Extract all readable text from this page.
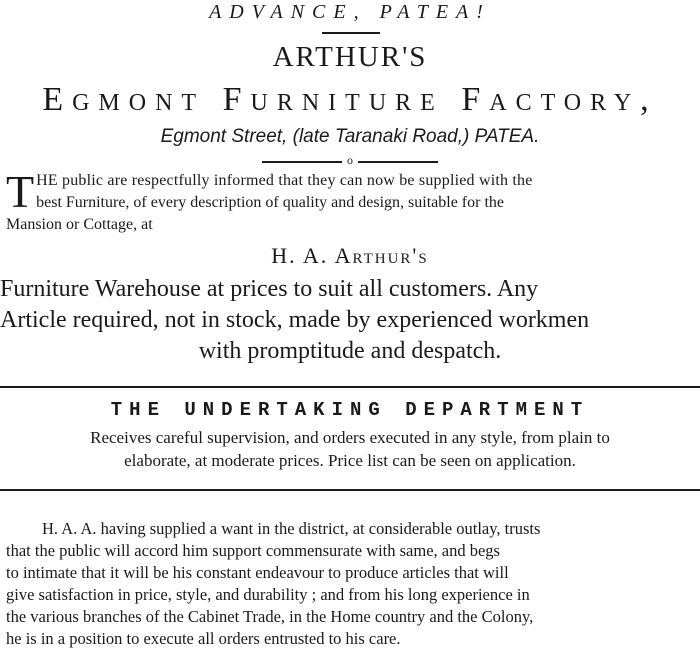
ADVANCE, PATEA!
ARTHUR'S
Egmont Furniture Factory,
Egmont Street, (late Taranaki Road,) PATEA.
o
T HE public are respectfully informed that they can now be supplied with the
best Furniture, of every description of quality and design, suitable for the
Mansion or Cottage, at
H. A. Arthur's
Furniture Warehouse at prices to suit all customers. Any
Article required, not in stock, made by experienced workmen
with promptitude and despatch.
THE UNDERTAKING DEPARTMENT
Receives careful supervision, and orders executed in any style, from plain to
elaborate, at moderate prices. Price list can be seen on application.
H. A. A. having supplied a want in the district, at considerable outlay, trusts
that the public will accord him support commensurate with same, and begs
to intimate that it will be his constant endeavour to produce articles that will
give satisfaction in price, style, and durability ; and from his long experience in
the various branches of the Cabinet Trade, in the Home country and the Colony,
he is in a position to execute all orders entrusted to his care.
